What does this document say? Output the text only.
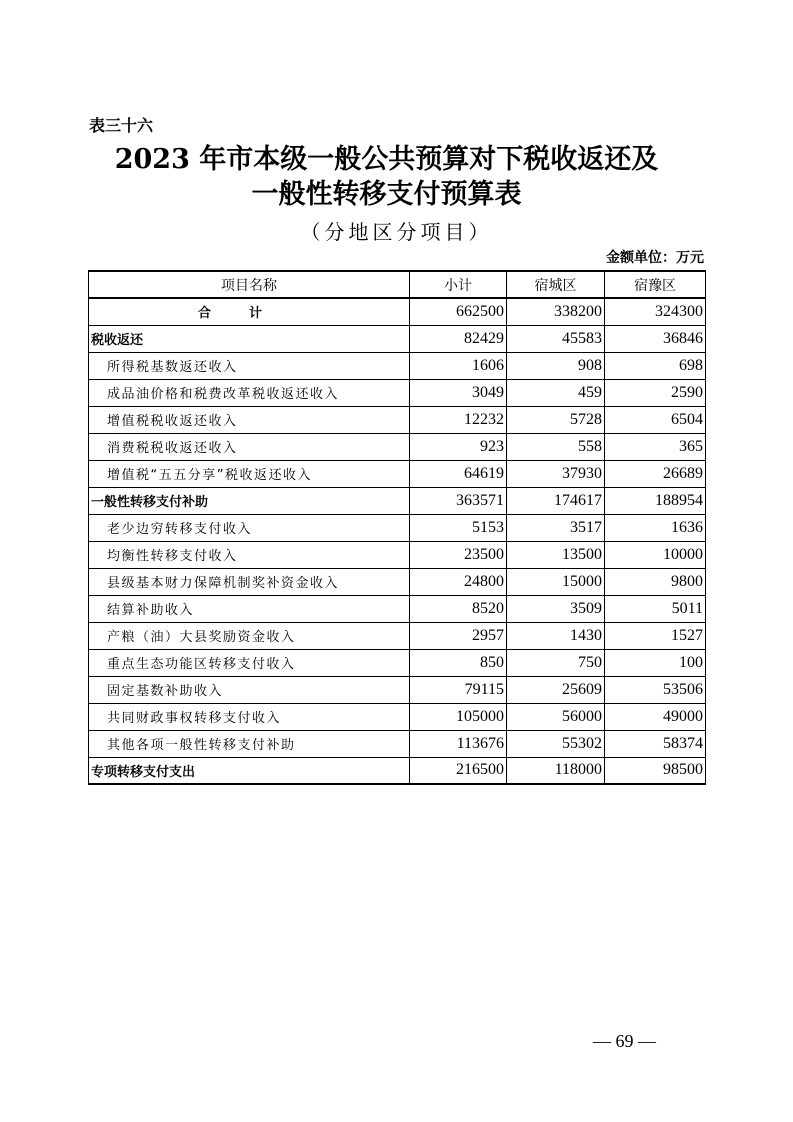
表三十六
2023 年市本级一般公共预算对下税收返还及
一般性转移支付预算表
（分地区分项目）
金额单位：万元
项目名称	小计	宿城区	宿豫区
合计	662500	338200	324300
税收返还	82429	45583	36846
所得税基数返还收入	1606	908	698
成品油价格和税费改革税收返还收入	3049	459	2590
增值税税收返还收入	12232	5728	6504
消费税税收返还收入	923	558	365
增值税“五五分享”税收返还收入	64619	37930	26689
一般性转移支付补助	363571	174617	188954
老少边穷转移支付收入	5153	3517	1636
均衡性转移支付收入	23500	13500	10000
县级基本财力保障机制奖补资金收入	24800	15000	9800
结算补助收入	8520	3509	5011
产粮（油）大县奖励资金收入	2957	1430	1527
重点生态功能区转移支付收入	850	750	100
固定基数补助收入	79115	25609	53506
共同财政事权转移支付收入	105000	56000	49000
其他各项一般性转移支付补助	113676	55302	58374
专项转移支付支出	216500	118000	98500
— 69 —
